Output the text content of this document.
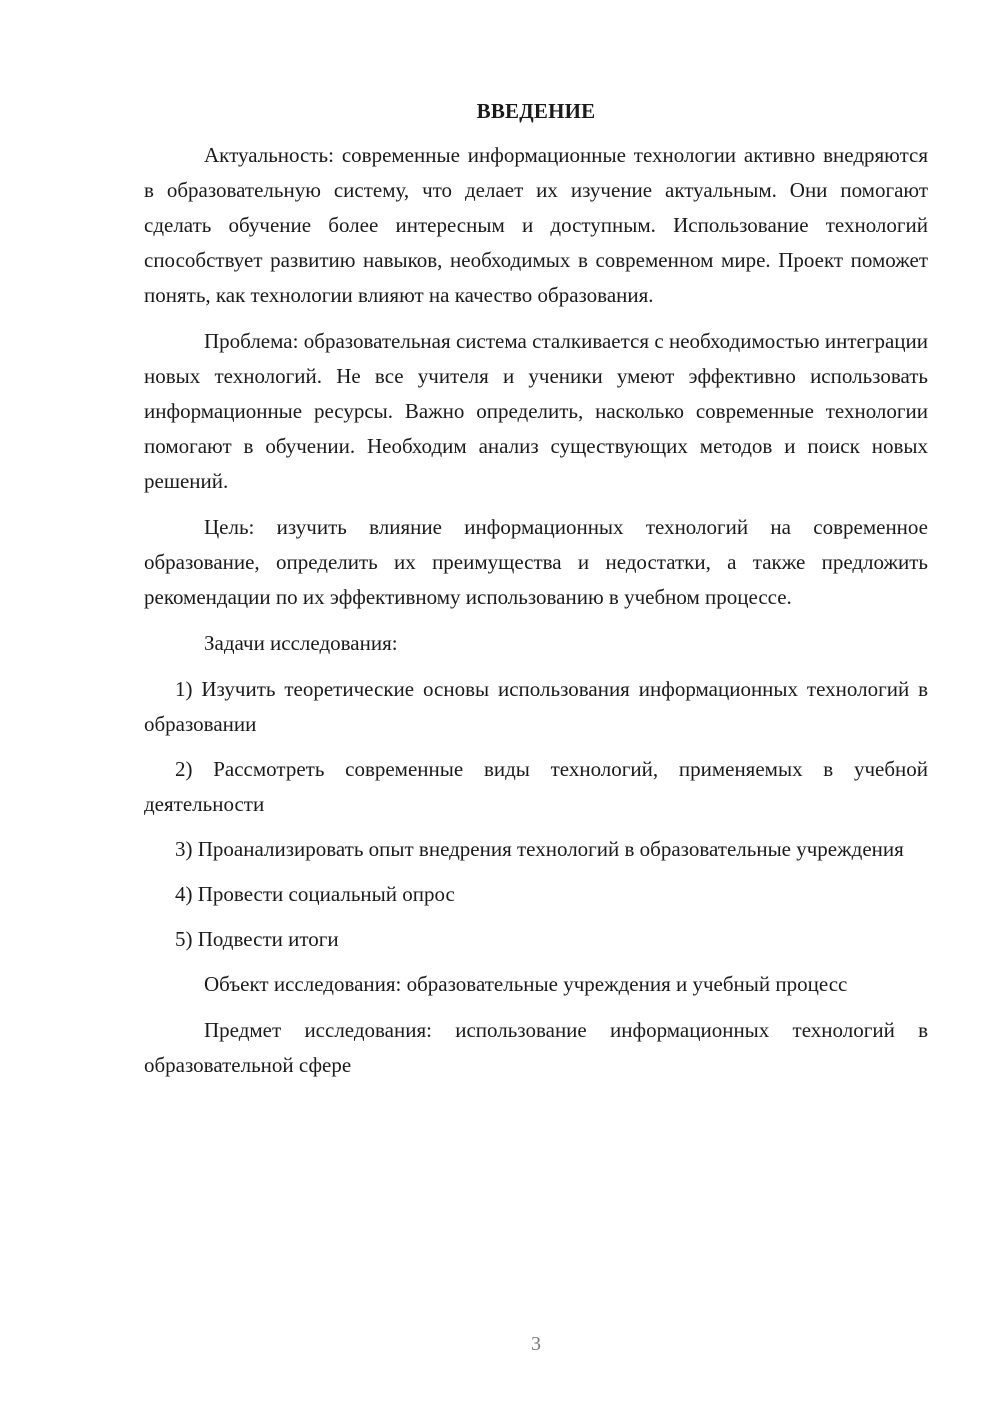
ВВЕДЕНИЕ

Актуальность: современные информационные технологии активно внедряются в образовательную систему, что делает их изучение актуальным. Они помогают сделать обучение более интересным и доступным. Использование технологий способствует развитию навыков, необходимых в современном мире. Проект поможет понять, как технологии влияют на качество образования.

Проблема: образовательная система сталкивается с необходимостью интеграции новых технологий. Не все учителя и ученики умеют эффективно использовать информационные ресурсы. Важно определить, насколько современные технологии помогают в обучении. Необходим анализ существующих методов и поиск новых решений.

Цель: изучить влияние информационных технологий на современное образование, определить их преимущества и недостатки, а также предложить рекомендации по их эффективному использованию в учебном процессе.

Задачи исследования:

1) Изучить теоретические основы использования информационных технологий в образовании

2) Рассмотреть современные виды технологий, применяемых в учебной деятельности

3) Проанализировать опыт внедрения технологий в образовательные учреждения

4) Провести социальный опрос

5) Подвести итоги

Объект исследования: образовательные учреждения и учебный процесс

Предмет исследования: использование информационных технологий в образовательной сфере

3
